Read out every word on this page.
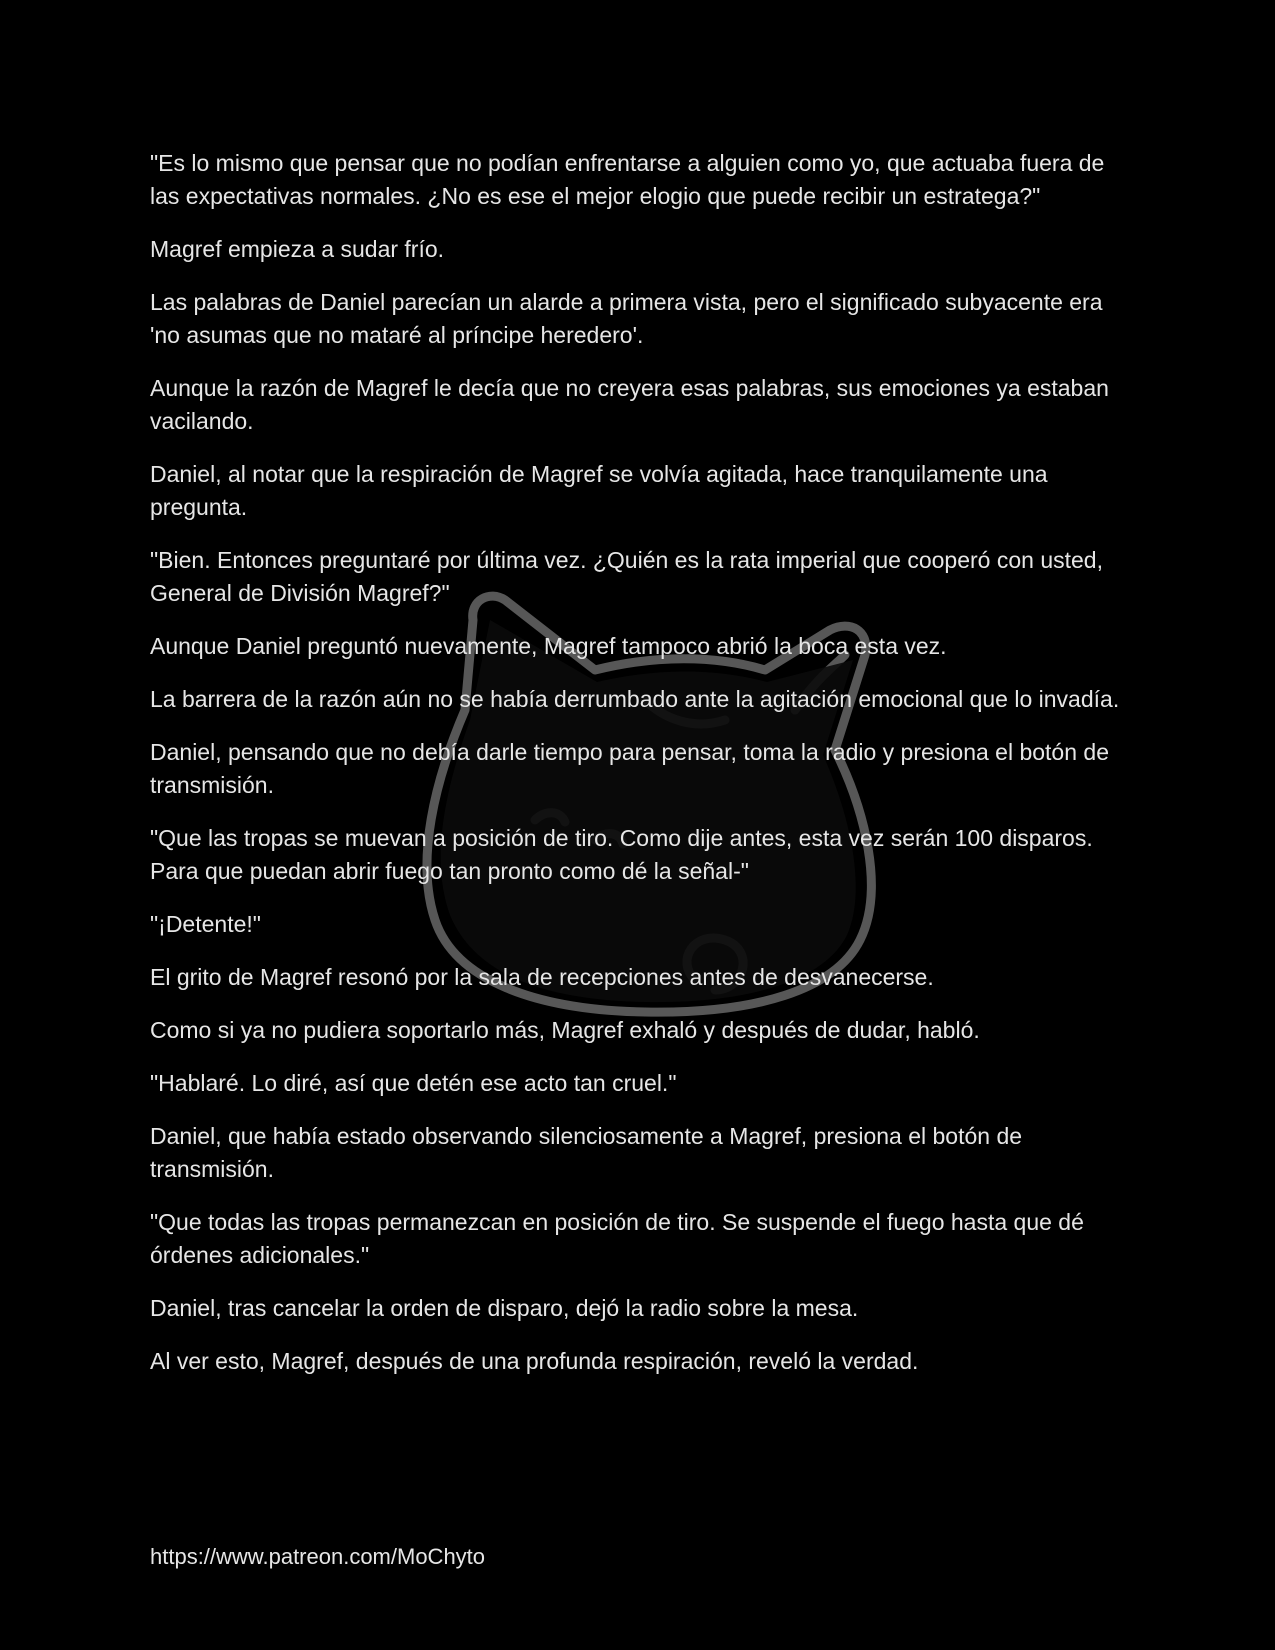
"Es lo mismo que pensar que no podían enfrentarse a alguien como yo, que actuaba fuera de las expectativas normales. ¿No es ese el mejor elogio que puede recibir un estratega?"

Magref empieza a sudar frío.

Las palabras de Daniel parecían un alarde a primera vista, pero el significado subyacente era 'no asumas que no mataré al príncipe heredero'.

Aunque la razón de Magref le decía que no creyera esas palabras, sus emociones ya estaban vacilando.

Daniel, al notar que la respiración de Magref se volvía agitada, hace tranquilamente una pregunta.

"Bien. Entonces preguntaré por última vez. ¿Quién es la rata imperial que cooperó con usted, General de División Magref?"

Aunque Daniel preguntó nuevamente, Magref tampoco abrió la boca esta vez.

La barrera de la razón aún no se había derrumbado ante la agitación emocional que lo invadía.

Daniel, pensando que no debía darle tiempo para pensar, toma la radio y presiona el botón de transmisión.

"Que las tropas se muevan a posición de tiro. Como dije antes, esta vez serán 100 disparos. Para que puedan abrir fuego tan pronto como dé la señal-"

"¡Detente!"

El grito de Magref resonó por la sala de recepciones antes de desvanecerse.

Como si ya no pudiera soportarlo más, Magref exhaló y después de dudar, habló.

"Hablaré. Lo diré, así que detén ese acto tan cruel."

Daniel, que había estado observando silenciosamente a Magref, presiona el botón de transmisión.

"Que todas las tropas permanezcan en posición de tiro. Se suspende el fuego hasta que dé órdenes adicionales."

Daniel, tras cancelar la orden de disparo, dejó la radio sobre la mesa.

Al ver esto, Magref, después de una profunda respiración, reveló la verdad.

https://www.patreon.com/MoChyto
